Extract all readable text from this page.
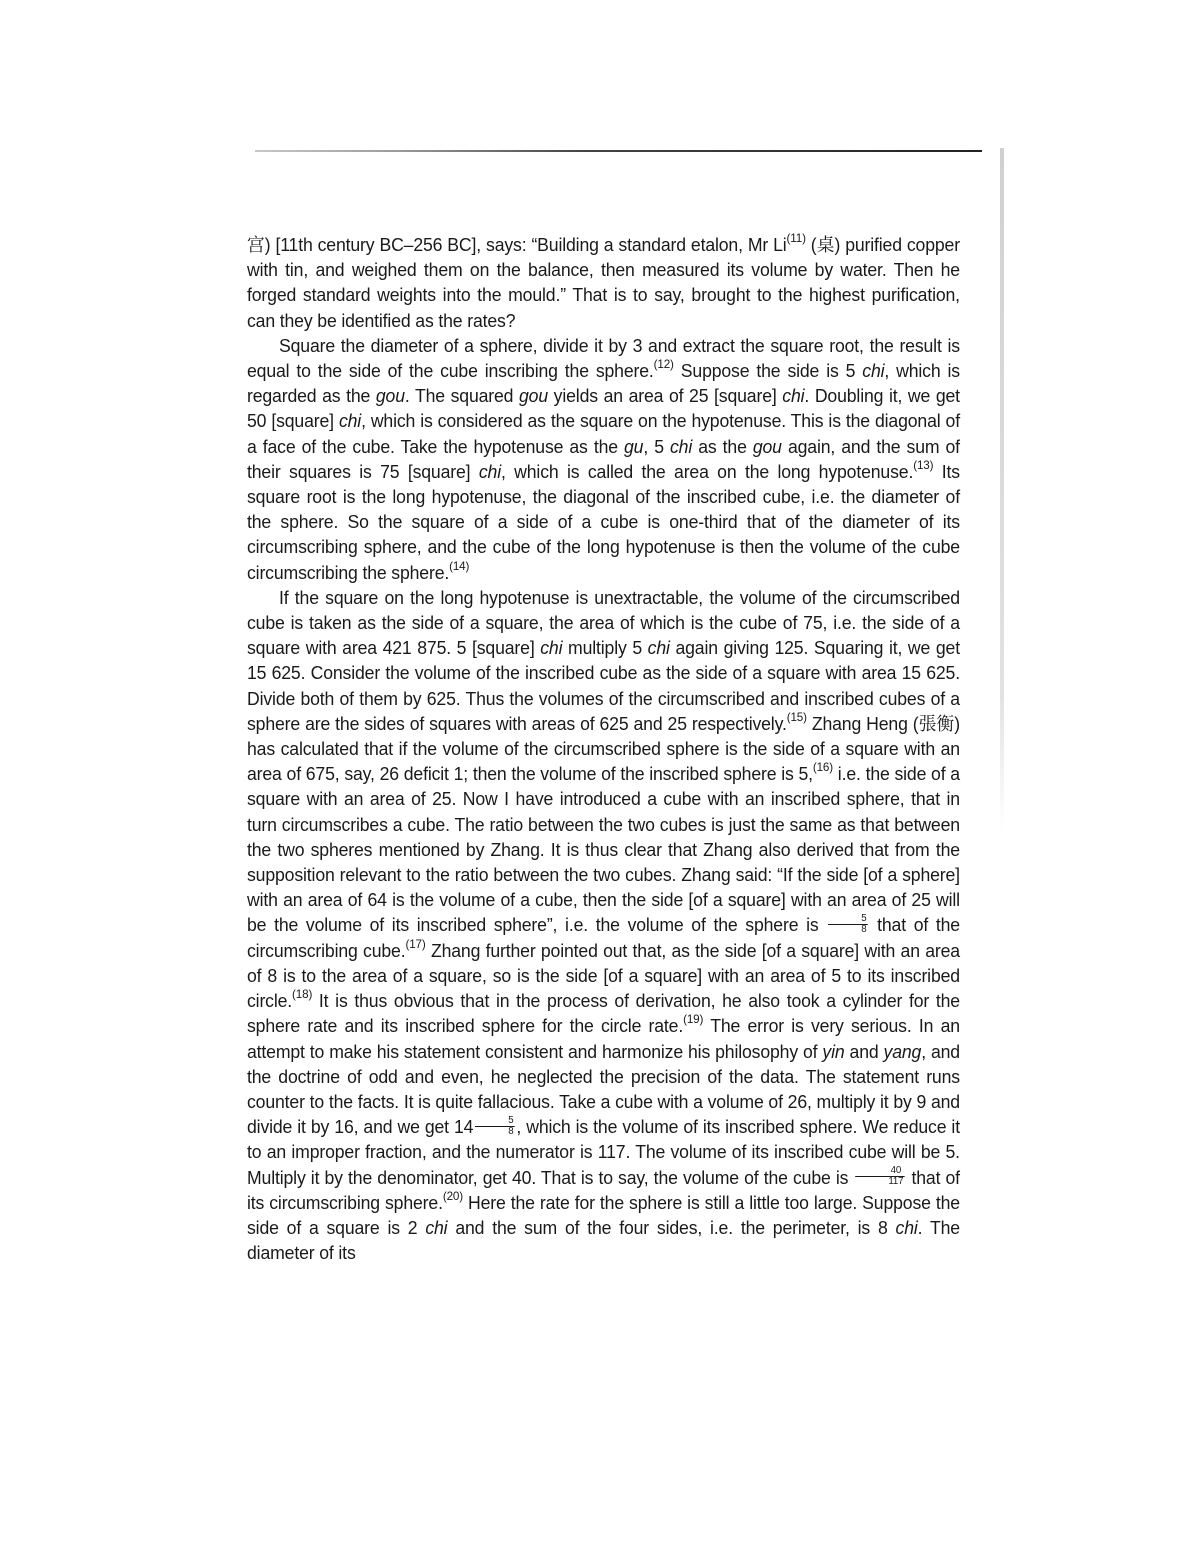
宫) [11th century BC–256 BC], says: “Building a standard etalon, Mr Li$^{(11)}$ (桌) purified copper with tin, and weighed them on the balance, then measured its volume by water. Then he forged standard weights into the mould.” That is to say, brought to the highest purification, can they be identified as the rates?

Square the diameter of a sphere, divide it by 3 and extract the square root, the result is equal to the side of the cube inscribing the sphere.$^{(12)}$ Suppose the side is 5 chi, which is regarded as the gou. The squared gou yields an area of 25 [square] chi. Doubling it, we get 50 [square] chi, which is considered as the square on the hypotenuse. This is the diagonal of a face of the cube. Take the hypotenuse as the gu, 5 chi as the gou again, and the sum of their squares is 75 [square] chi, which is called the area on the long hypotenuse.$^{(13)}$ Its square root is the long hypotenuse, the diagonal of the inscribed cube, i.e. the diameter of the sphere. So the square of a side of a cube is one-third that of the diameter of its circumscribing sphere, and the cube of the long hypotenuse is then the volume of the cube circumscribing the sphere.$^{(14)}$

If the square on the long hypotenuse is unextractable, the volume of the circumscribed cube is taken as the side of a square, the area of which is the cube of 75, i.e. the side of a square with area 421 875. 5 [square] chi multiply 5 chi again giving 125. Squaring it, we get 15 625. Consider the volume of the inscribed cube as the side of a square with area 15 625. Divide both of them by 625. Thus the volumes of the circumscribed and inscribed cubes of a sphere are the sides of squares with areas of 625 and 25 respectively.$^{(15)}$ Zhang Heng (張衡) has calculated that if the volume of the circumscribed sphere is the side of a square with an area of 675, say, 26 deficit 1; then the volume of the inscribed sphere is 5,$^{(16)}$ i.e. the side of a square with an area of 25. Now I have introduced a cube with an inscribed sphere, that in turn circumscribes a cube. The ratio between the two cubes is just the same as that between the two spheres mentioned by Zhang. It is thus clear that Zhang also derived that from the supposition relevant to the ratio between the two cubes. Zhang said: “If the side [of a sphere] with an area of 64 is the volume of a cube, then the side [of a square] with an area of 25 will be the volume of its inscribed sphere”, i.e. the volume of the sphere is $\frac{5}{8}$ that of the circumscribing cube.$^{(17)}$ Zhang further pointed out that, as the side [of a square] with an area of 8 is to the area of a square, so is the side [of a square] with an area of 5 to its inscribed circle.$^{(18)}$ It is thus obvious that in the process of derivation, he also took a cylinder for the sphere rate and its inscribed sphere for the circle rate.$^{(19)}$ The error is very serious. In an attempt to make his statement consistent and harmonize his philosophy of yin and yang, and the doctrine of odd and even, he neglected the precision of the data. The statement runs counter to the facts. It is quite fallacious. Take a cube with a volume of 26, multiply it by 9 and divide it by 16, and we get $14 \frac{5}{8}$ , which is the volume of its inscribed sphere. We reduce it to an improper fraction, and the numerator is 117. The volume of its inscribed cube will be 5. Multiply it by the denominator, get 40. That is to say, the volume of the cube is $\frac{40}{117}$ that of its circumscribing sphere.$^{(20)}$ Here the rate for the sphere is still a little too large. Suppose the side of a square is 2 chi and the sum of the four sides, i.e. the perimeter, is 8 chi. The diameter of its
